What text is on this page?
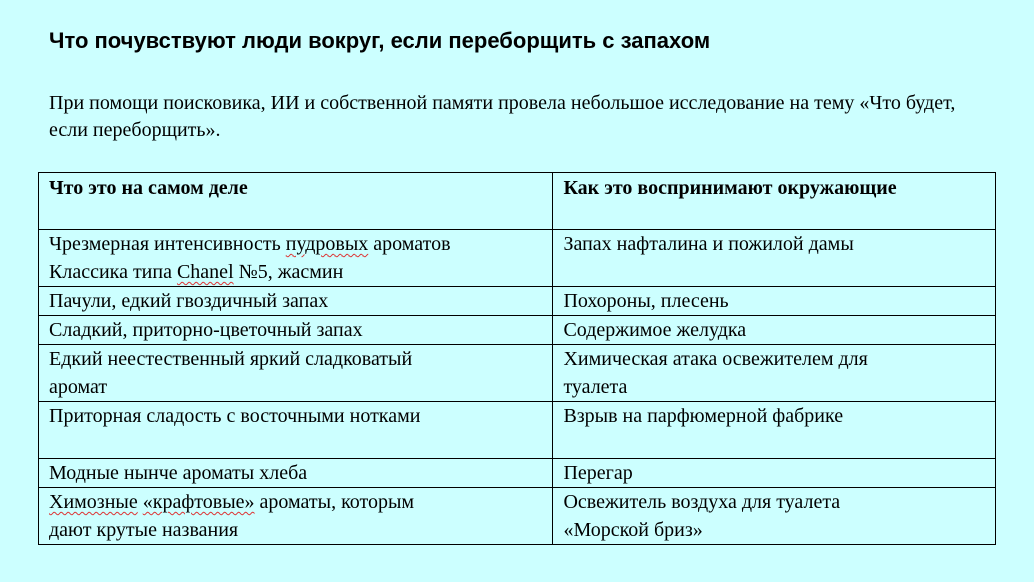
Что почувствуют люди вокруг, если переборщить с запахом

При помощи поисковика, ИИ и собственной памяти провела небольшое исследование на тему «Что будет, если переборщить».

Что это на самом деле	Как это воспринимают окружающие

Чрезмерная интенсивность пудровых ароматов
Классика типа Chanel №5, жасмин	Запах нафталина и пожилой дамы

Пачули, едкий гвоздичный запах	Похороны, плесень

Сладкий, приторно-цветочный запах	Содержимое желудка

Едкий неестественный яркий сладковатый
аромат	Химическая атака освежителем для
туалета

Приторная сладость с восточными нотками	Взрыв на парфюмерной фабрике

Модные нынче ароматы хлеба	Перегар

Химозные «крафтовые» ароматы, которым
дают крутые названия	Освежитель воздуха для туалета
«Морской бриз»
